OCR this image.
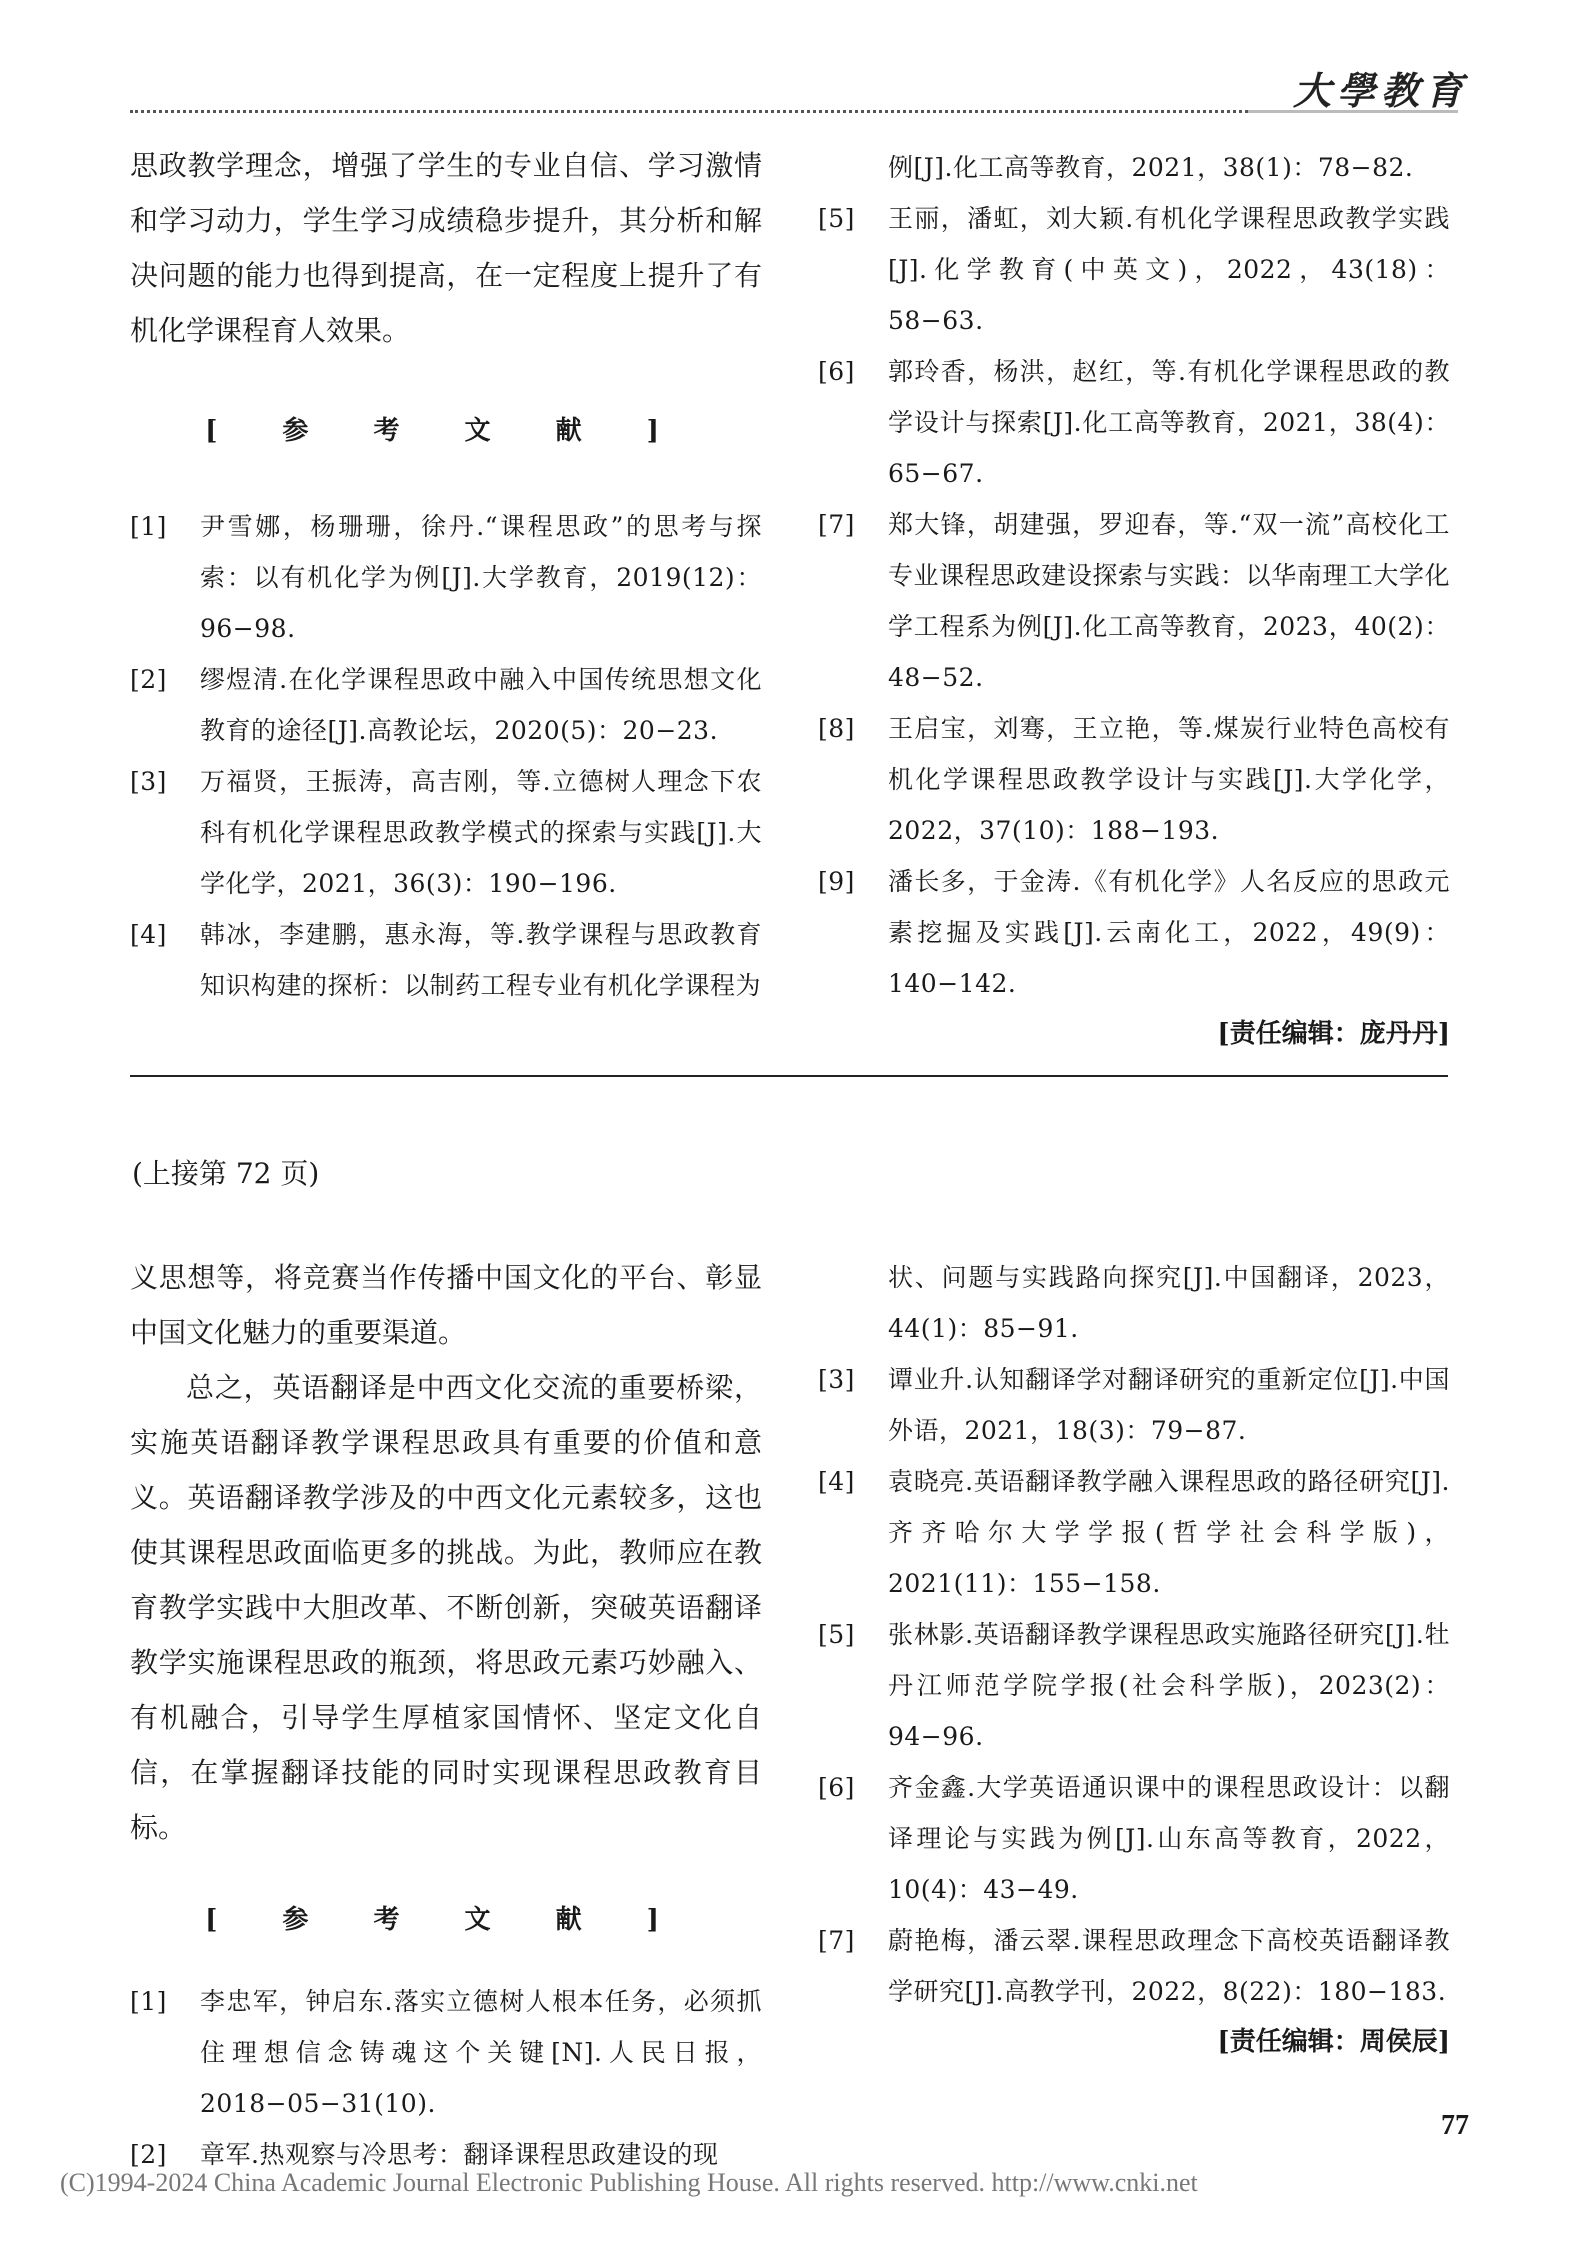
大學教育

思政教学理念，增强了学生的专业自信、学习激情和学习动力，学生学习成绩稳步提升，其分析和解决问题的能力也得到提高，在一定程度上提升了有机化学课程育人效果。

[ 参 考 文 献 ]

[1] 尹雪娜，杨珊珊，徐丹.“课程思政”的思考与探索：以有机化学为例[J].大学教育，2019(12)：96−98.

[2] 缪煜清.在化学课程思政中融入中国传统思想文化教育的途径[J].高教论坛，2020(5)：20−23.

[3] 万福贤，王振涛，高吉刚，等.立德树人理念下农科有机化学课程思政教学模式的探索与实践[J].大学化学，2021，36(3)：190−196.

[4] 韩冰，李建鹏，惠永海，等.教学课程与思政教育知识构建的探析：以制药工程专业有机化学课程为

例[J].化工高等教育，2021，38(1)：78−82.

[5] 王丽，潘虹，刘大颖.有机化学课程思政教学实践[J].化学教育(中英文)，2022，43(18)：58−63.

[6] 郭玲香，杨洪，赵红，等.有机化学课程思政的教学设计与探索[J].化工高等教育，2021，38(4)：65−67.

[7] 郑大锋，胡建强，罗迎春，等.“双一流”高校化工专业课程思政建设探索与实践：以华南理工大学化学工程系为例[J].化工高等教育，2023，40(2)：48−52.

[8] 王启宝，刘骞，王立艳，等.煤炭行业特色高校有机化学课程思政教学设计与实践[J].大学化学，2022，37(10)：188−193.

[9] 潘长多，于金涛.《有机化学》人名反应的思政元素挖掘及实践[J].云南化工，2022，49(9)：140−142.

[责任编辑：庞丹丹]

(上接第 72 页)

义思想等，将竞赛当作传播中国文化的平台、彰显中国文化魅力的重要渠道。

总之，英语翻译是中西文化交流的重要桥梁，实施英语翻译教学课程思政具有重要的价值和意义。英语翻译教学涉及的中西文化元素较多，这也使其课程思政面临更多的挑战。为此，教师应在教育教学实践中大胆改革、不断创新，突破英语翻译教学实施课程思政的瓶颈，将思政元素巧妙融入、有机融合，引导学生厚植家国情怀、坚定文化自信，在掌握翻译技能的同时实现课程思政教育目标。

[ 参 考 文 献 ]

[1] 李忠军，钟启东.落实立德树人根本任务，必须抓住理想信念铸魂这个关键[N].人民日报，2018−05−31(10).

[2] 章军.热观察与冷思考：翻译课程思政建设的现

状、问题与实践路向探究[J].中国翻译，2023，44(1)：85−91.

[3] 谭业升.认知翻译学对翻译研究的重新定位[J].中国外语，2021，18(3)：79−87.

[4] 袁晓亮.英语翻译教学融入课程思政的路径研究[J].齐齐哈尔大学学报(哲学社会科学版)，2021(11)：155−158.

[5] 张林影.英语翻译教学课程思政实施路径研究[J].牡丹江师范学院学报(社会科学版)，2023(2)：94−96.

[6] 齐金鑫.大学英语通识课中的课程思政设计：以翻译理论与实践为例[J].山东高等教育，2022，10(4)：43−49.

[7] 蔚艳梅，潘云翠.课程思政理念下高校英语翻译教学研究[J].高教学刊，2022，8(22)：180−183.

[责任编辑：周侯辰]

77
(C)1994-2024 China Academic Journal Electronic Publishing House. All rights reserved. http://www.cnki.net
